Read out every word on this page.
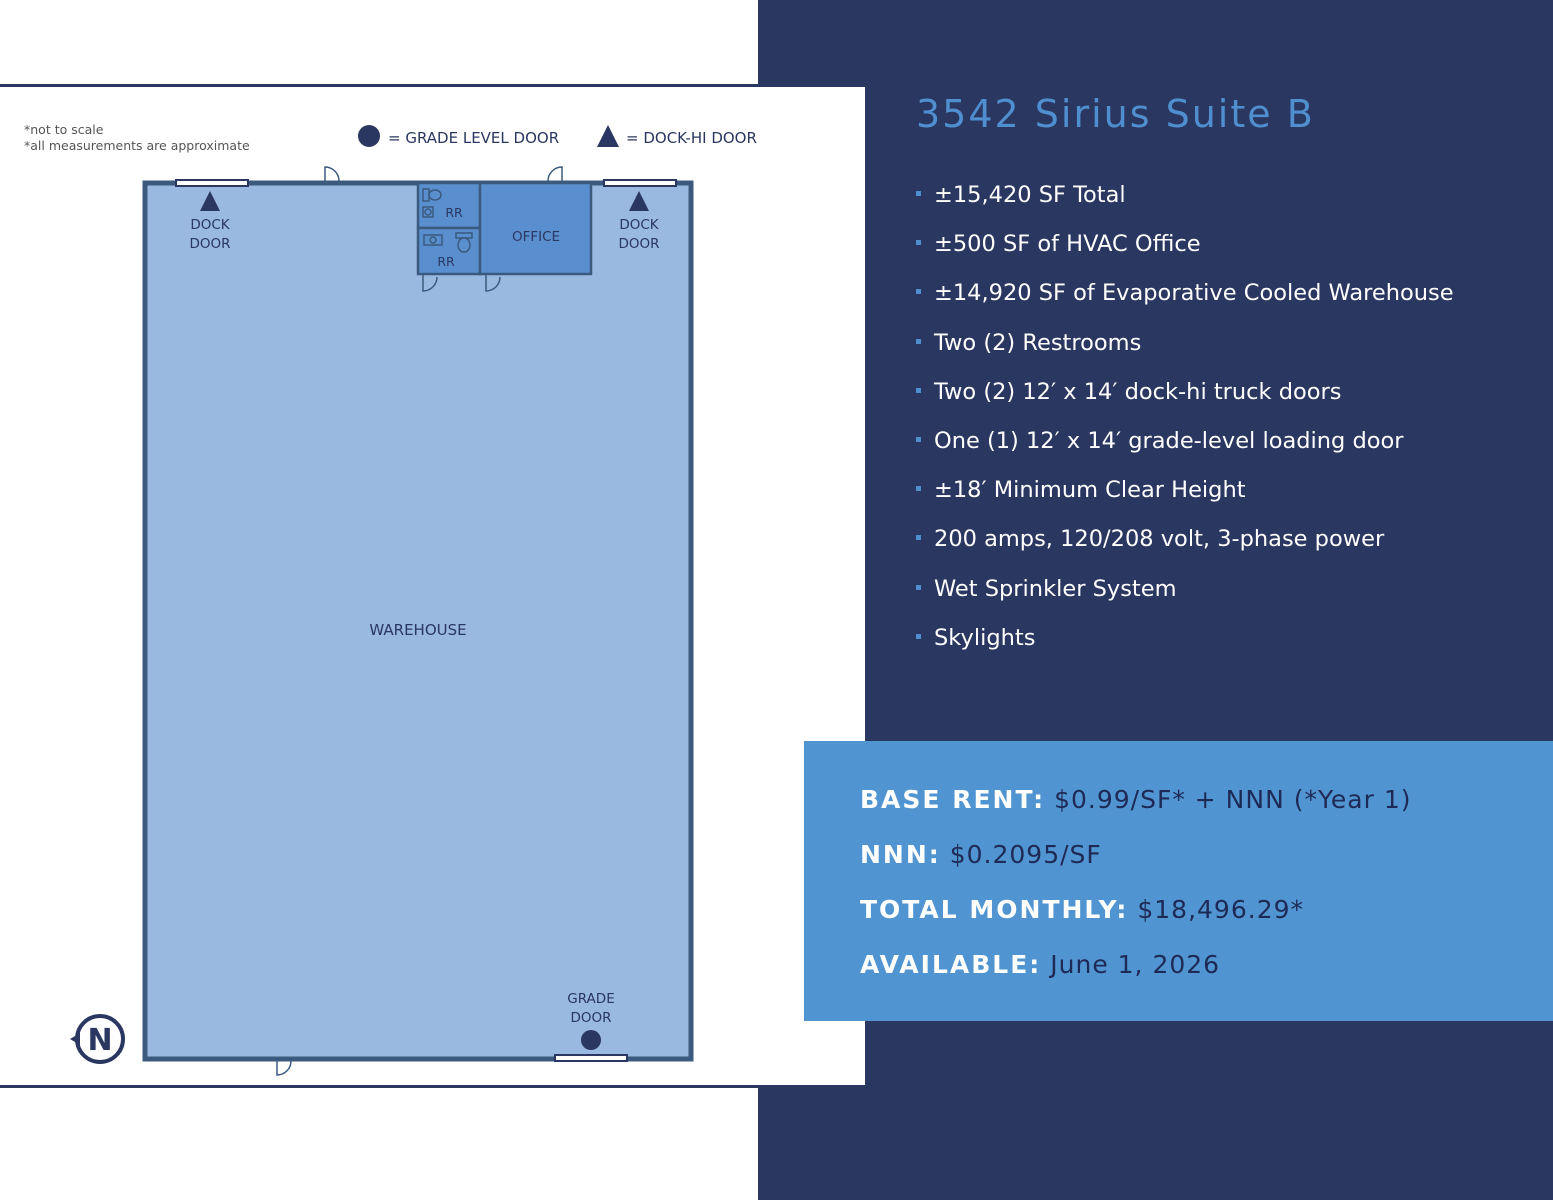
*not to scale
*all measurements are approximate	= GRADE LEVEL DOOR	= DOCK-HI DOOR
DOCK
DOOR
DOCK
DOOR
RR
RR
OFFICE
WAREHOUSE
GRADE
DOOR
N
3542 Sirius Suite B
±15,420 SF Total
±500 SF of HVAC Office
±14,920 SF of Evaporative Cooled Warehouse
Two (2) Restrooms
Two (2) 12′ x 14′ dock-hi truck doors
One (1) 12′ x 14′ grade-level loading door
±18′ Minimum Clear Height
200 amps, 120/208 volt, 3-phase power
Wet Sprinkler System
Skylights
BASE RENT: $0.99/SF* + NNN (*Year 1)
NNN: $0.2095/SF
TOTAL MONTHLY: $18,496.29*
AVAILABLE: June 1, 2026
